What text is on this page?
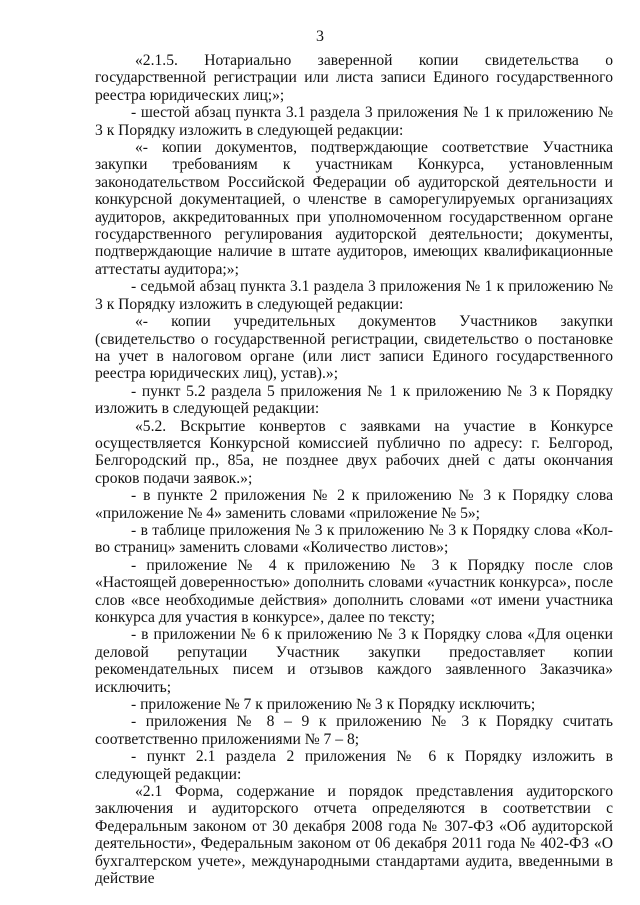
3

«2.1.5. Нотариально заверенной копии свидетельства о государственной регистрации или листа записи Единого государственного реестра юридических лиц;»;

- шестой абзац пункта 3.1 раздела 3 приложения № 1 к приложению № 3 к Порядку изложить в следующей редакции:

«- копии документов, подтверждающие соответствие Участника закупки требованиям к участникам Конкурса, установленным законодательством Российской Федерации об аудиторской деятельности и конкурсной документацией, о членстве в саморегулируемых организациях аудиторов, аккредитованных при уполномоченном государственном органе государственного регулирования аудиторской деятельности; документы, подтверждающие наличие в штате аудиторов, имеющих квалификационные аттестаты аудитора;»;

- седьмой абзац пункта 3.1 раздела 3 приложения № 1 к приложению № 3 к Порядку изложить в следующей редакции:

«- копии учредительных документов Участников закупки (свидетельство о государственной регистрации, свидетельство о постановке на учет в налоговом органе (или лист записи Единого государственного реестра юридических лиц), устав).»;

- пункт 5.2 раздела 5 приложения № 1 к приложению № 3 к Порядку изложить в следующей редакции:

«5.2. Вскрытие конвертов с заявками на участие в Конкурсе осуществляется Конкурсной комиссией публично по адресу: г. Белгород, Белгородский пр., 85а, не позднее двух рабочих дней с даты окончания сроков подачи заявок.»;

- в пункте 2 приложения № 2 к приложению № 3 к Порядку слова «приложение № 4» заменить словами «приложение № 5»;

- в таблице приложения № 3 к приложению № 3 к Порядку слова «Кол-во страниц» заменить словами «Количество листов»;

- приложение № 4 к приложению № 3 к Порядку после слов «Настоящей доверенностью» дополнить словами «участник конкурса», после слов «все необходимые действия» дополнить словами «от имени участника конкурса для участия в конкурсе», далее по тексту;

- в приложении № 6 к приложению № 3 к Порядку слова «Для оценки деловой репутации Участник закупки предоставляет копии рекомендательных писем и отзывов каждого заявленного Заказчика» исключить;

- приложение № 7 к приложению № 3 к Порядку исключить;

- приложения № 8 – 9 к приложению № 3 к Порядку считать соответственно приложениями № 7 – 8;

- пункт 2.1 раздела 2 приложения № 6 к Порядку изложить в следующей редакции:

«2.1 Форма, содержание и порядок представления аудиторского заключения и аудиторского отчета определяются в соответствии с Федеральным законом от 30 декабря 2008 года № 307-ФЗ «Об аудиторской деятельности», Федеральным законом от 06 декабря 2011 года № 402-ФЗ «О бухгалтерском учете», международными стандартами аудита, введенными в действие
